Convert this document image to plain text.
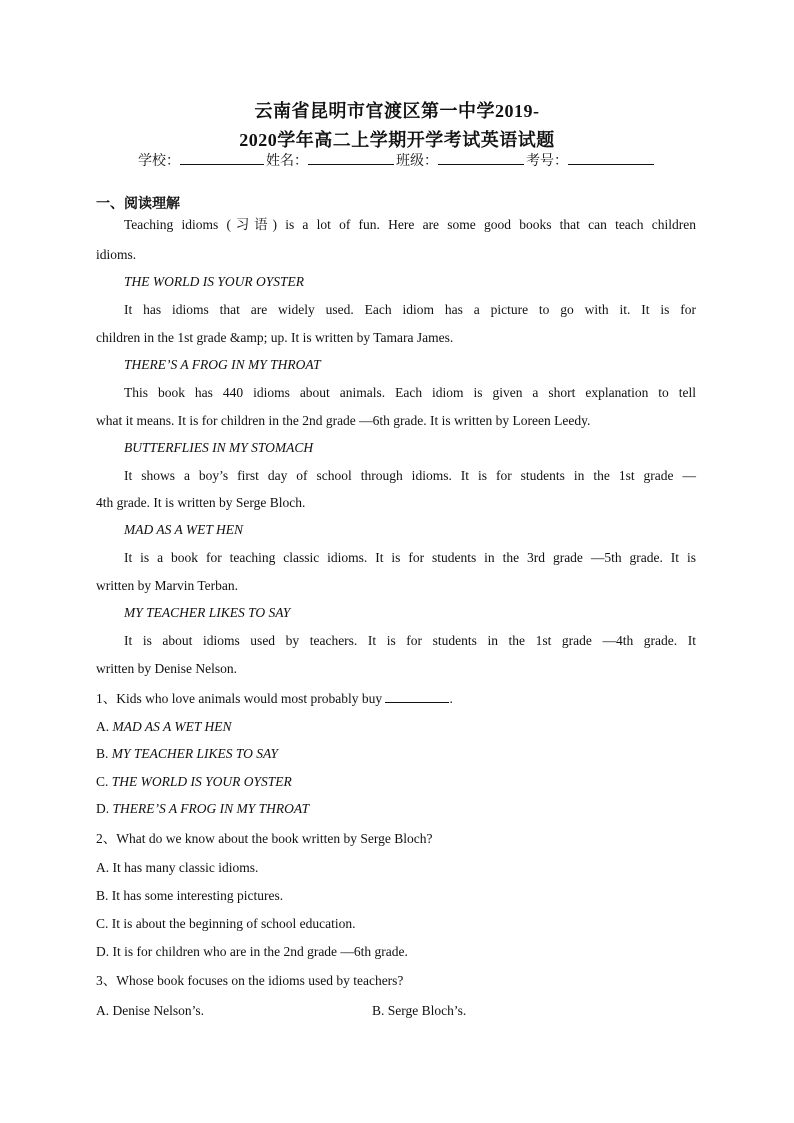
云南省昆明市官渡区第一中学2019-
2020学年高二上学期开学考试英语试题
学校：	姓名：	班级：	考号：
一、阅读理解
Teaching idioms (习语) is a lot of fun. Here are some good books that can teach children
idioms.
THE WORLD IS YOUR OYSTER
It has idioms that are widely used. Each idiom has a picture to go with it. It is for
children in the 1st grade &amp; up. It is written by Tamara James.
THERE’S A FROG IN MY THROAT
This book has 440 idioms about animals. Each idiom is given a short explanation to tell
what it means. It is for children in the 2nd grade —6th grade. It is written by Loreen Leedy.
BUTTERFLIES IN MY STOMACH
It shows a boy’s first day of school through idioms. It is for students in the 1st grade —
4th grade. It is written by Serge Bloch.
MAD AS A WET HEN
It is a book for teaching classic idioms. It is for students in the 3rd grade —5th grade. It is
written by Marvin Terban.
MY TEACHER LIKES TO SAY
It is about idioms used by teachers. It is for students in the 1st grade —4th grade. It
written by Denise Nelson.
1、Kids who love animals would most probably buy	.
A. MAD AS A WET HEN
B. MY TEACHER LIKES TO SAY
C. THE WORLD IS YOUR OYSTER
D. THERE’S A FROG IN MY THROAT
2、What do we know about the book written by Serge Bloch?
A. It has many classic idioms.
B. It has some interesting pictures.
C. It is about the beginning of school education.
D. It is for children who are in the 2nd grade —6th grade.
3、Whose book focuses on the idioms used by teachers?
A. Denise Nelson’s.	B. Serge Bloch’s.
